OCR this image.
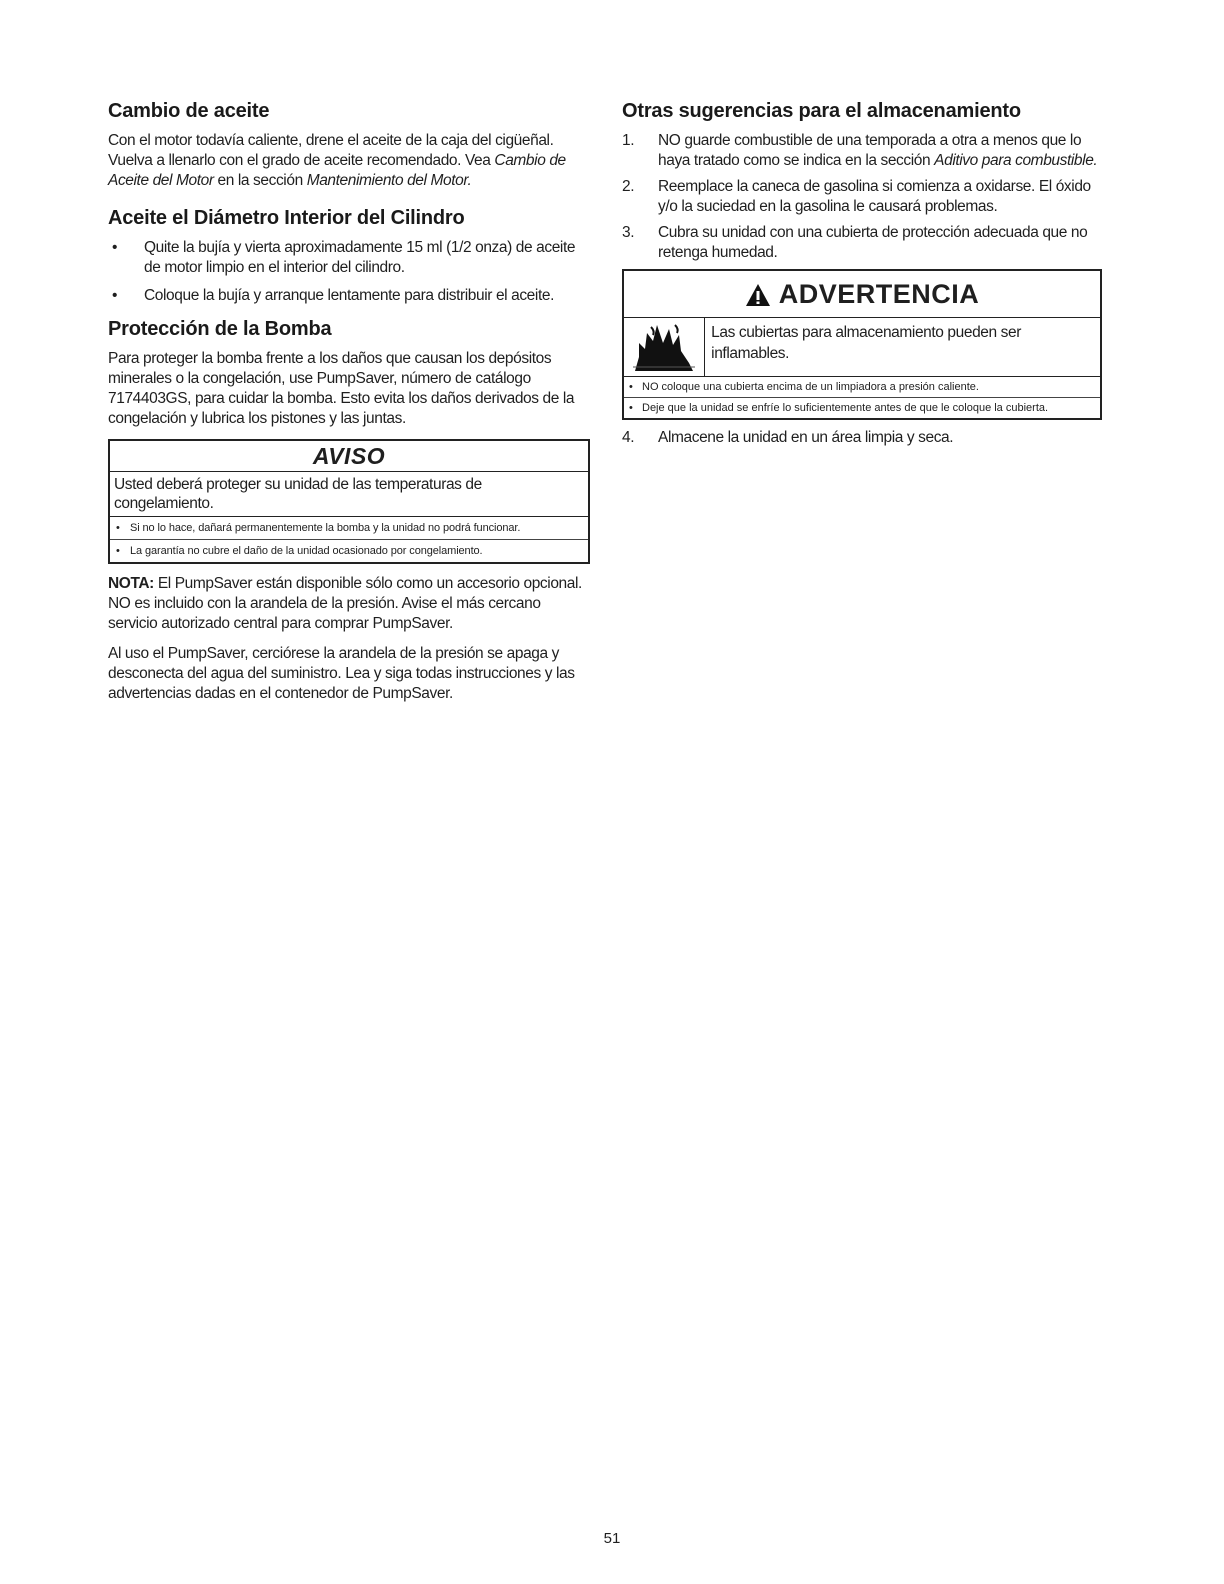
Cambio de aceite

Con el motor todavía caliente, drene el aceite de la caja del cigüeñal. Vuelva a llenarlo con el grado de aceite recomendado. Vea Cambio de Aceite del Motor en la sección Mantenimiento del Motor.

Aceite el Diámetro Interior del Cilindro
• Quite la bujía y vierta aproximadamente 15 ml (1/2 onza) de aceite de motor limpio en el interior del cilindro.
• Coloque la bujía y arranque lentamente para distribuir el aceite.
Protección de la Bomba

Para proteger la bomba frente a los daños que causan los depósitos minerales o la congelación, use PumpSaver, número de catálogo 7174403GS, para cuidar la bomba. Esto evita los daños derivados de la congelación y lubrica los pistones y las juntas.

AVISO
Usted deberá proteger su unidad de las temperaturas de congelamiento.
• Si no lo hace, dañará permanentemente la bomba y la unidad no podrá funcionar.
• La garantía no cubre el daño de la unidad ocasionado por congelamiento.

NOTA: El PumpSaver están disponible sólo como un accesorio opcional. NO es incluido con la arandela de la presión. Avise el más cercano servicio autorizado central para comprar PumpSaver.

Al uso el PumpSaver, cerciórese la arandela de la presión se apaga y desconecta del agua del suministro. Lea y siga todas instrucciones y las advertencias dadas en el contenedor de PumpSaver.

Otras sugerencias para el almacenamiento
1. NO guarde combustible de una temporada a otra a menos que lo haya tratado como se indica en la sección Aditivo para combustible.
2. Reemplace la caneca de gasolina si comienza a oxidarse. El óxido y/o la suciedad en la gasolina le causará problemas.
3. Cubra su unidad con una cubierta de protección adecuada que no retenga humedad.
ADVERTENCIA
Las cubiertas para almacenamiento pueden ser inflamables.
• NO coloque una cubierta encima de un limpiadora a presión caliente.
• Deje que la unidad se enfríe lo suficientemente antes de que le coloque la cubierta.
4. Almacene la unidad en un área limpia y seca.
51
